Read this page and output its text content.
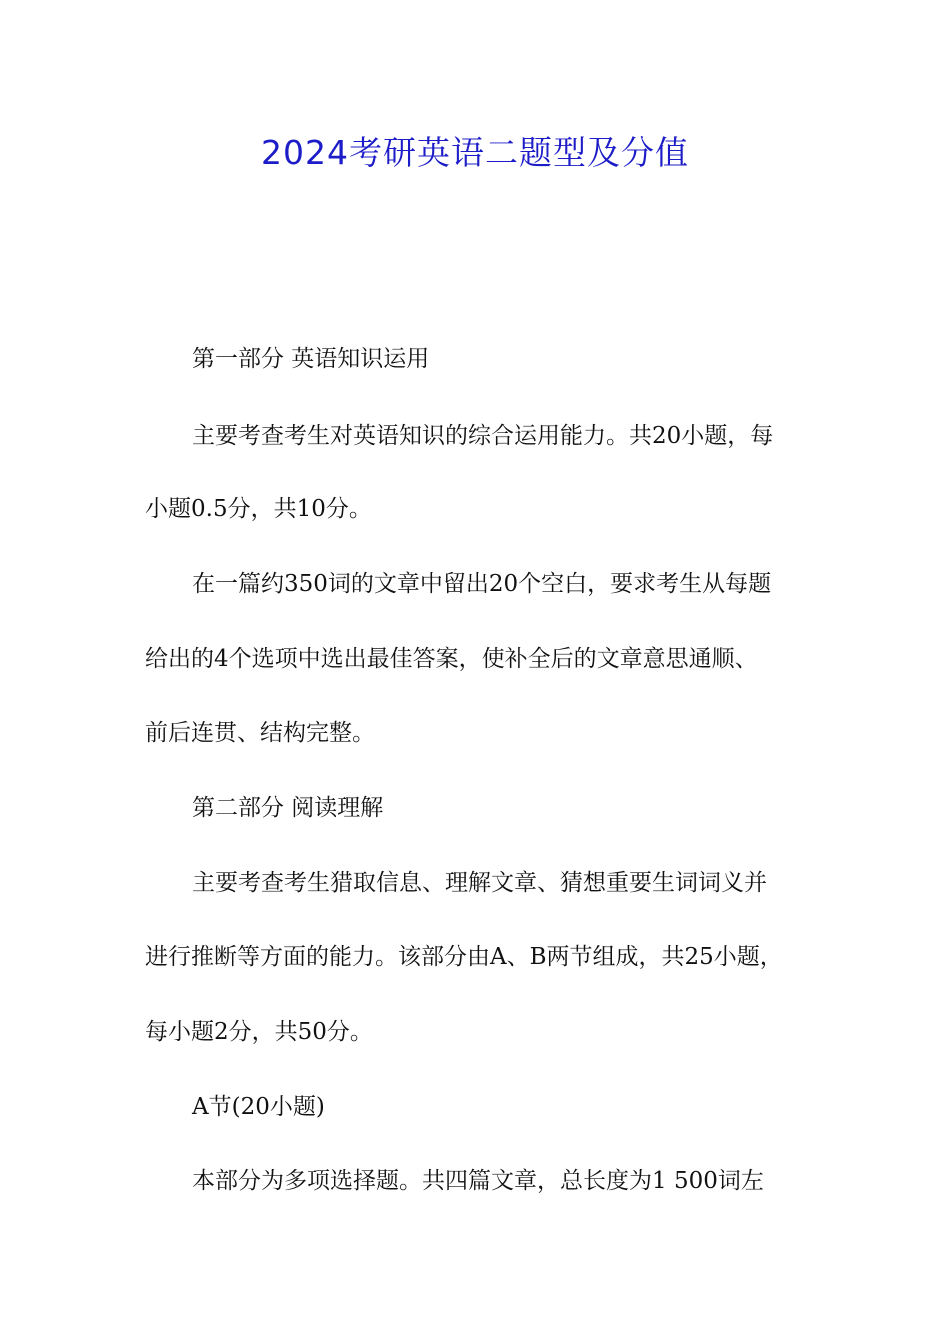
2024考研英语二题型及分值
第一部分 英语知识运用
主要考查考生对英语知识的综合运用能力。共20小题，每
小题0.5分，共10分。
在一篇约350词的文章中留出20个空白，要求考生从每题
给出的4个选项中选出最佳答案，使补全后的文章意思通顺、
前后连贯、结构完整。
第二部分 阅读理解
主要考查考生猎取信息、理解文章、猜想重要生词词义并
进行推断等方面的能力。该部分由A、B两节组成，共25小题，
每小题2分，共50分。
A节(20小题)
本部分为多项选择题。共四篇文章，总长度为1 500词左
